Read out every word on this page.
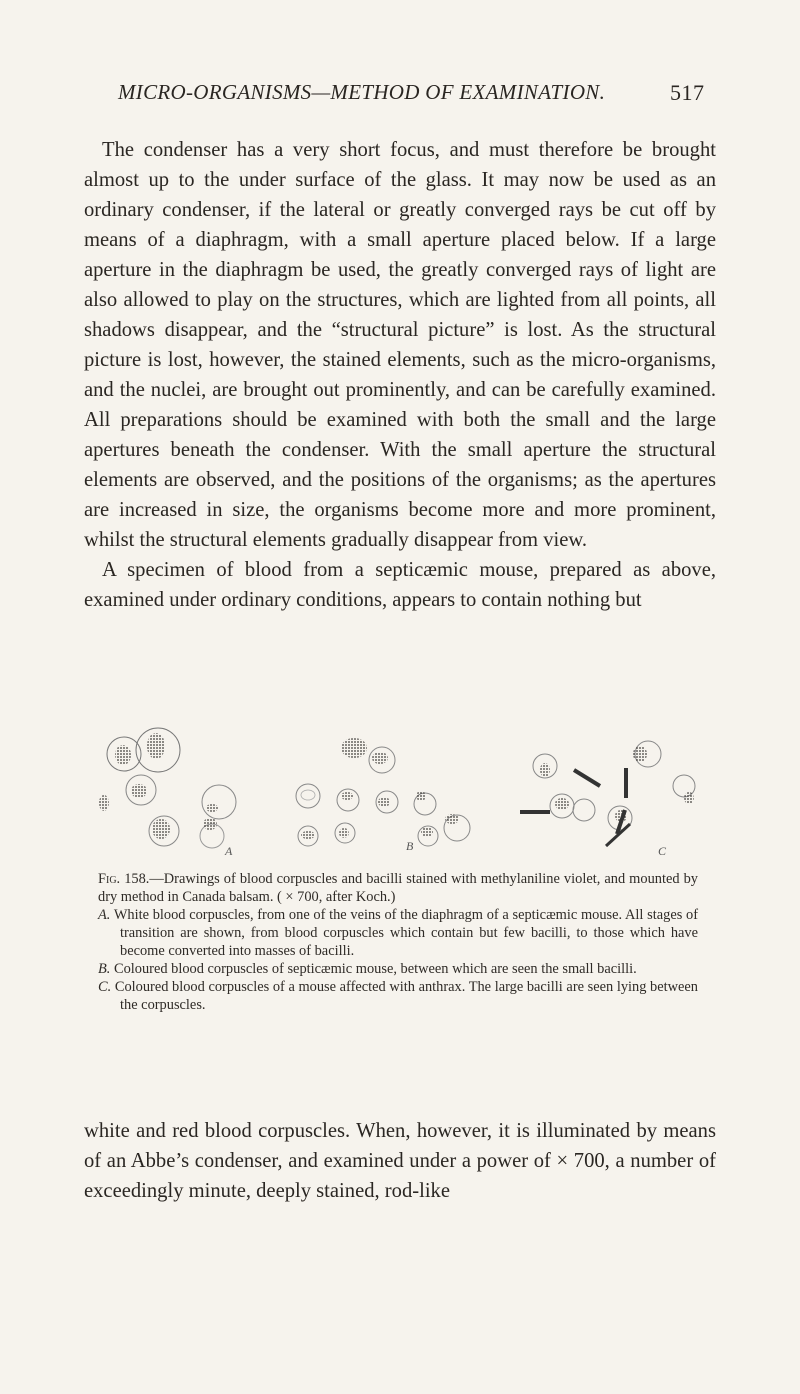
MICRO-ORGANISMS—METHOD OF EXAMINATION.	517

The condenser has a very short focus, and must therefore be brought almost up to the under surface of the glass. It may now be used as an ordinary condenser, if the lateral or greatly converged rays be cut off by means of a diaphragm, with a small aperture placed below. If a large aperture in the diaphragm be used, the greatly converged rays of light are also allowed to play on the structures, which are lighted from all points, all shadows disappear, and the “structural picture” is lost. As the structural picture is lost, however, the stained elements, such as the micro-organisms, and the nuclei, are brought out prominently, and can be carefully examined. All preparations should be examined with both the small and the large apertures beneath the condenser. With the small aperture the structural elements are observed, and the positions of the organisms; as the apertures are increased in size, the organisms become more and more prominent, whilst the structural elements gradually disappear from view.

A specimen of blood from a septicæmic mouse, prepared as above, examined under ordinary conditions, appears to contain nothing but

A	B	C

Fig. 158.—Drawings of blood corpuscles and bacilli stained with methylaniline violet, and mounted by dry method in Canada balsam. ( × 700, after Koch.)

A. White blood corpuscles, from one of the veins of the diaphragm of a septicæmic mouse. All stages of transition are shown, from blood corpuscles which contain but few bacilli, to those which have become converted into masses of bacilli.

B. Coloured blood corpuscles of septicæmic mouse, between which are seen the small bacilli.

C. Coloured blood corpuscles of a mouse affected with anthrax. The large bacilli are seen lying between the corpuscles.

white and red blood corpuscles. When, however, it is illuminated by means of an Abbe’s condenser, and examined under a power of × 700, a number of exceedingly minute, deeply stained, rod-like
